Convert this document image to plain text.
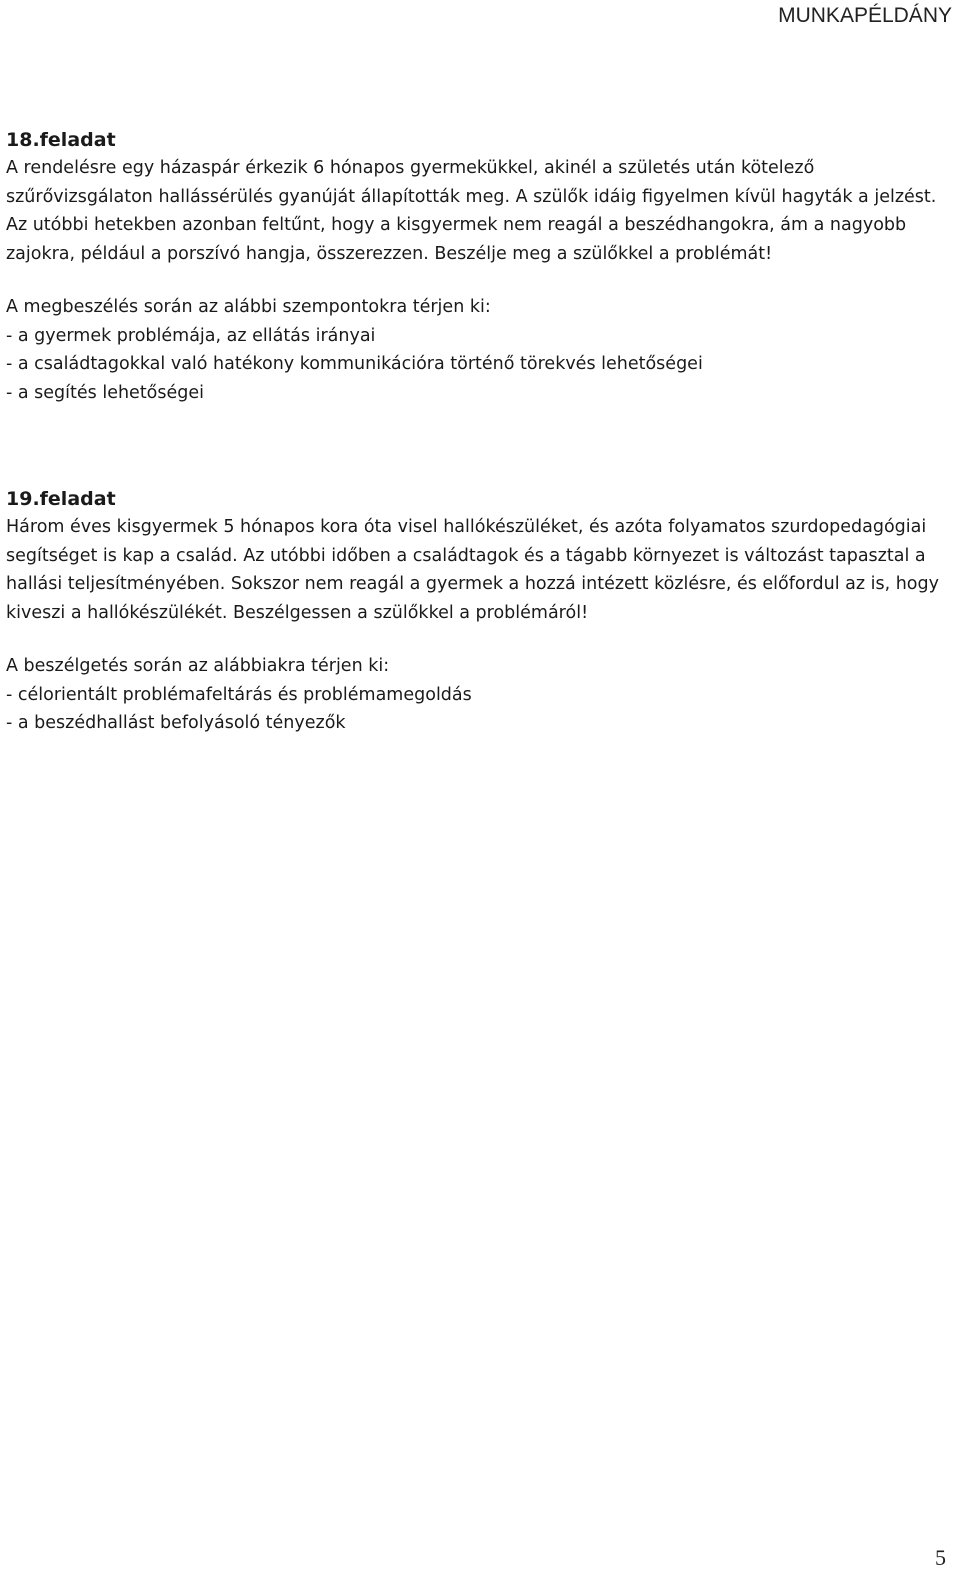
MUNKAPÉLDÁNY

18.feladat

A rendelésre egy házaspár érkezik 6 hónapos gyermekükkel, akinél a születés után kötelező szűrővizsgálaton hallássérülés gyanúját állapították meg. A szülők idáig figyelmen kívül hagyták a jelzést. Az utóbbi hetekben azonban feltűnt, hogy a kisgyermek nem reagál a beszédhangokra, ám a nagyobb zajokra, például a porszívó hangja, összerezzen. Beszélje meg a szülőkkel a problémát!

A megbeszélés során az alábbi szempontokra térjen ki:

- a gyermek problémája, az ellátás irányai

- a családtagokkal való hatékony kommunikációra történő törekvés lehetőségei

- a segítés lehetőségei

19.feladat

Három éves kisgyermek 5 hónapos kora óta visel hallókészüléket, és azóta folyamatos szurdopedagógiai segítséget is kap a család. Az utóbbi időben a családtagok és a tágabb környezet is változást tapasztal a hallási teljesítményében. Sokszor nem reagál a gyermek a hozzá intézett közlésre, és előfordul az is, hogy kiveszi a hallókészülékét. Beszélgessen a szülőkkel a problémáról!

A beszélgetés során az alábbiakra térjen ki:

- célorientált problémafeltárás és problémamegoldás

- a beszédhallást befolyásoló tényezők

5
